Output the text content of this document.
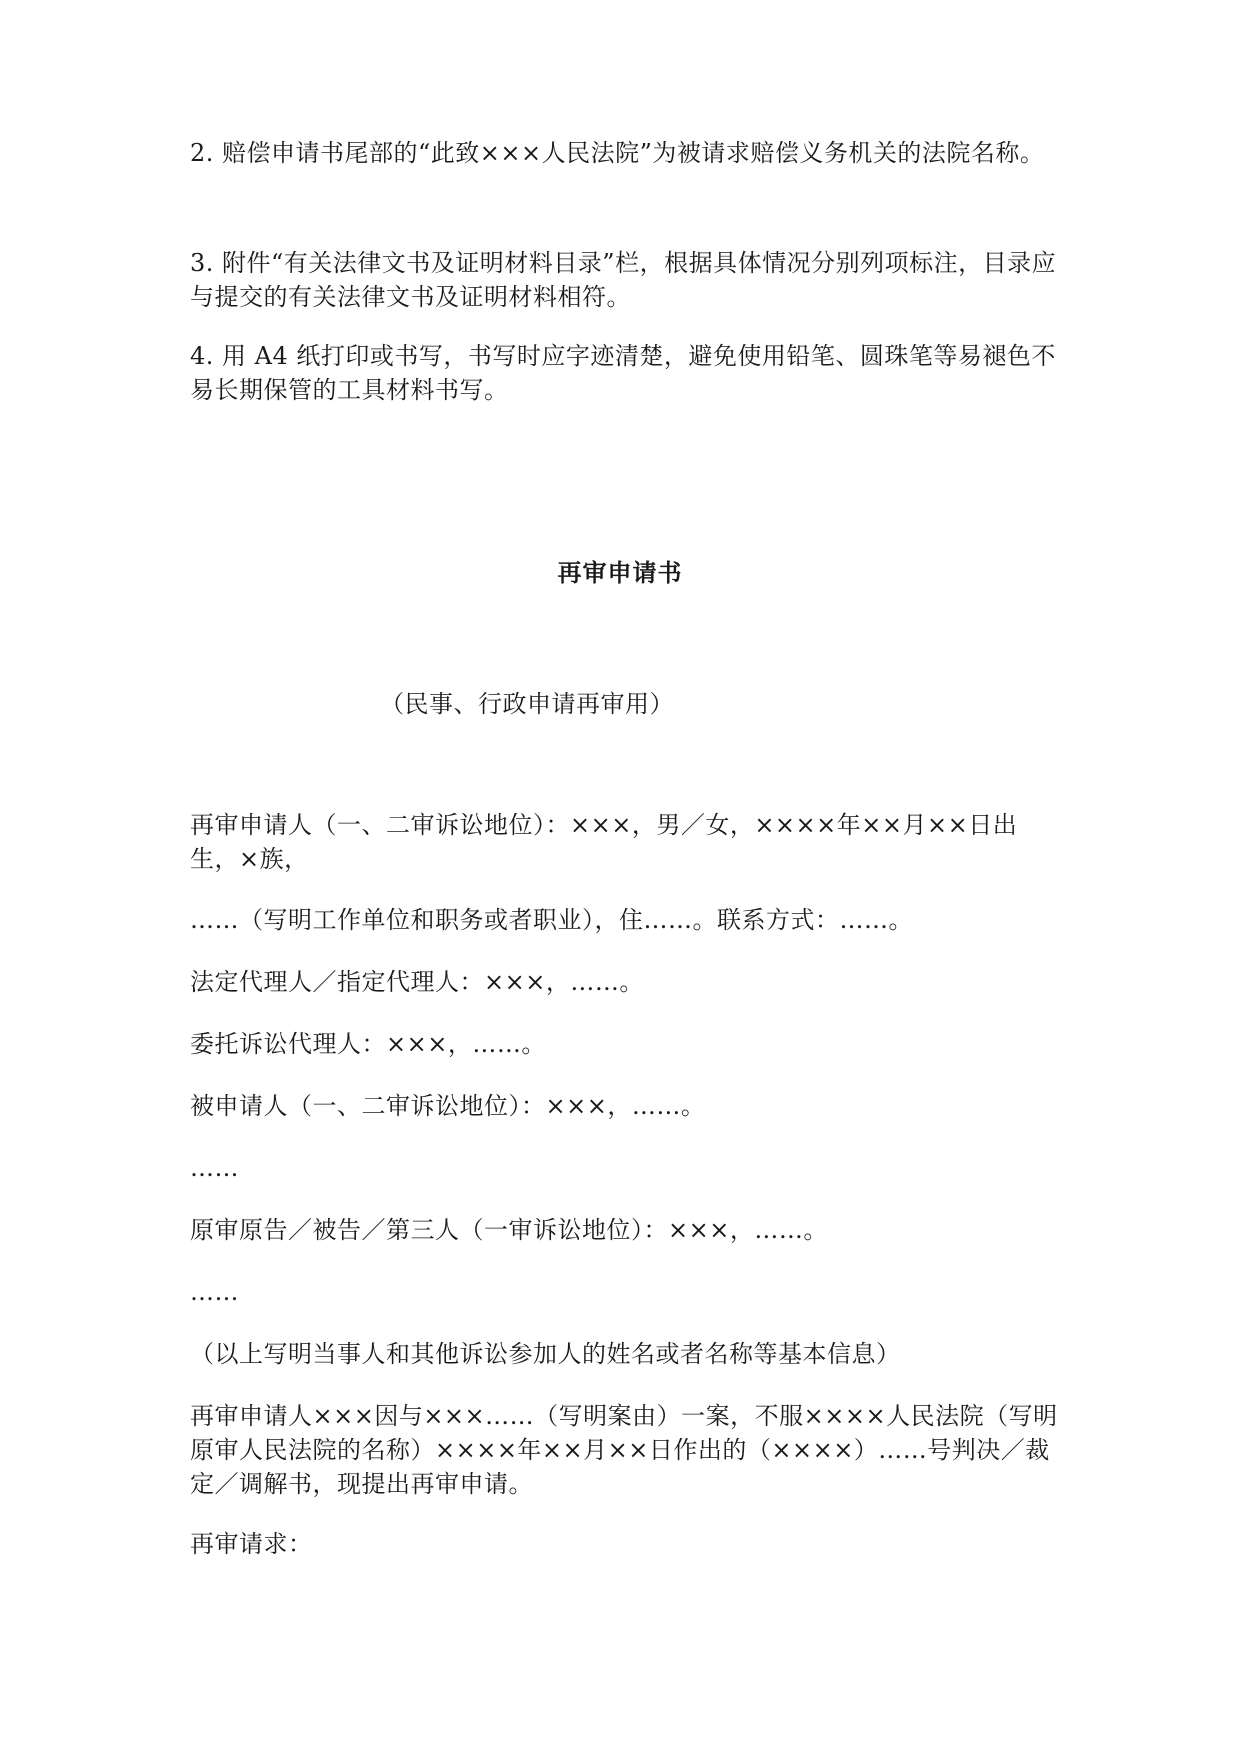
2. 赔偿申请书尾部的“此致×××人民法院”为被请求赔偿义务机关的法院名称。

3. 附件“有关法律文书及证明材料目录”栏，根据具体情况分别列项标注，目录应与提交的有关法律文书及证明材料相符。

4. 用 A4 纸打印或书写，书写时应字迹清楚，避免使用铅笔、圆珠笔等易褪色不易长期保管的工具材料书写。

再审申请书

（民事、行政申请再审用）

再审申请人（一、二审诉讼地位）：×××，男／女，××××年××月××日出生，×族，

……（写明工作单位和职务或者职业），住……。联系方式：……。

法定代理人／指定代理人：×××，……。

委托诉讼代理人：×××，……。

被申请人（一、二审诉讼地位）：×××，……。

……

原审原告／被告／第三人（一审诉讼地位）：×××，……。

……

（以上写明当事人和其他诉讼参加人的姓名或者名称等基本信息）

再审申请人×××因与×××……（写明案由）一案，不服××××人民法院（写明原审人民法院的名称）××××年××月××日作出的（××××）……号判决／裁定／调解书，现提出再审申请。

再审请求：
